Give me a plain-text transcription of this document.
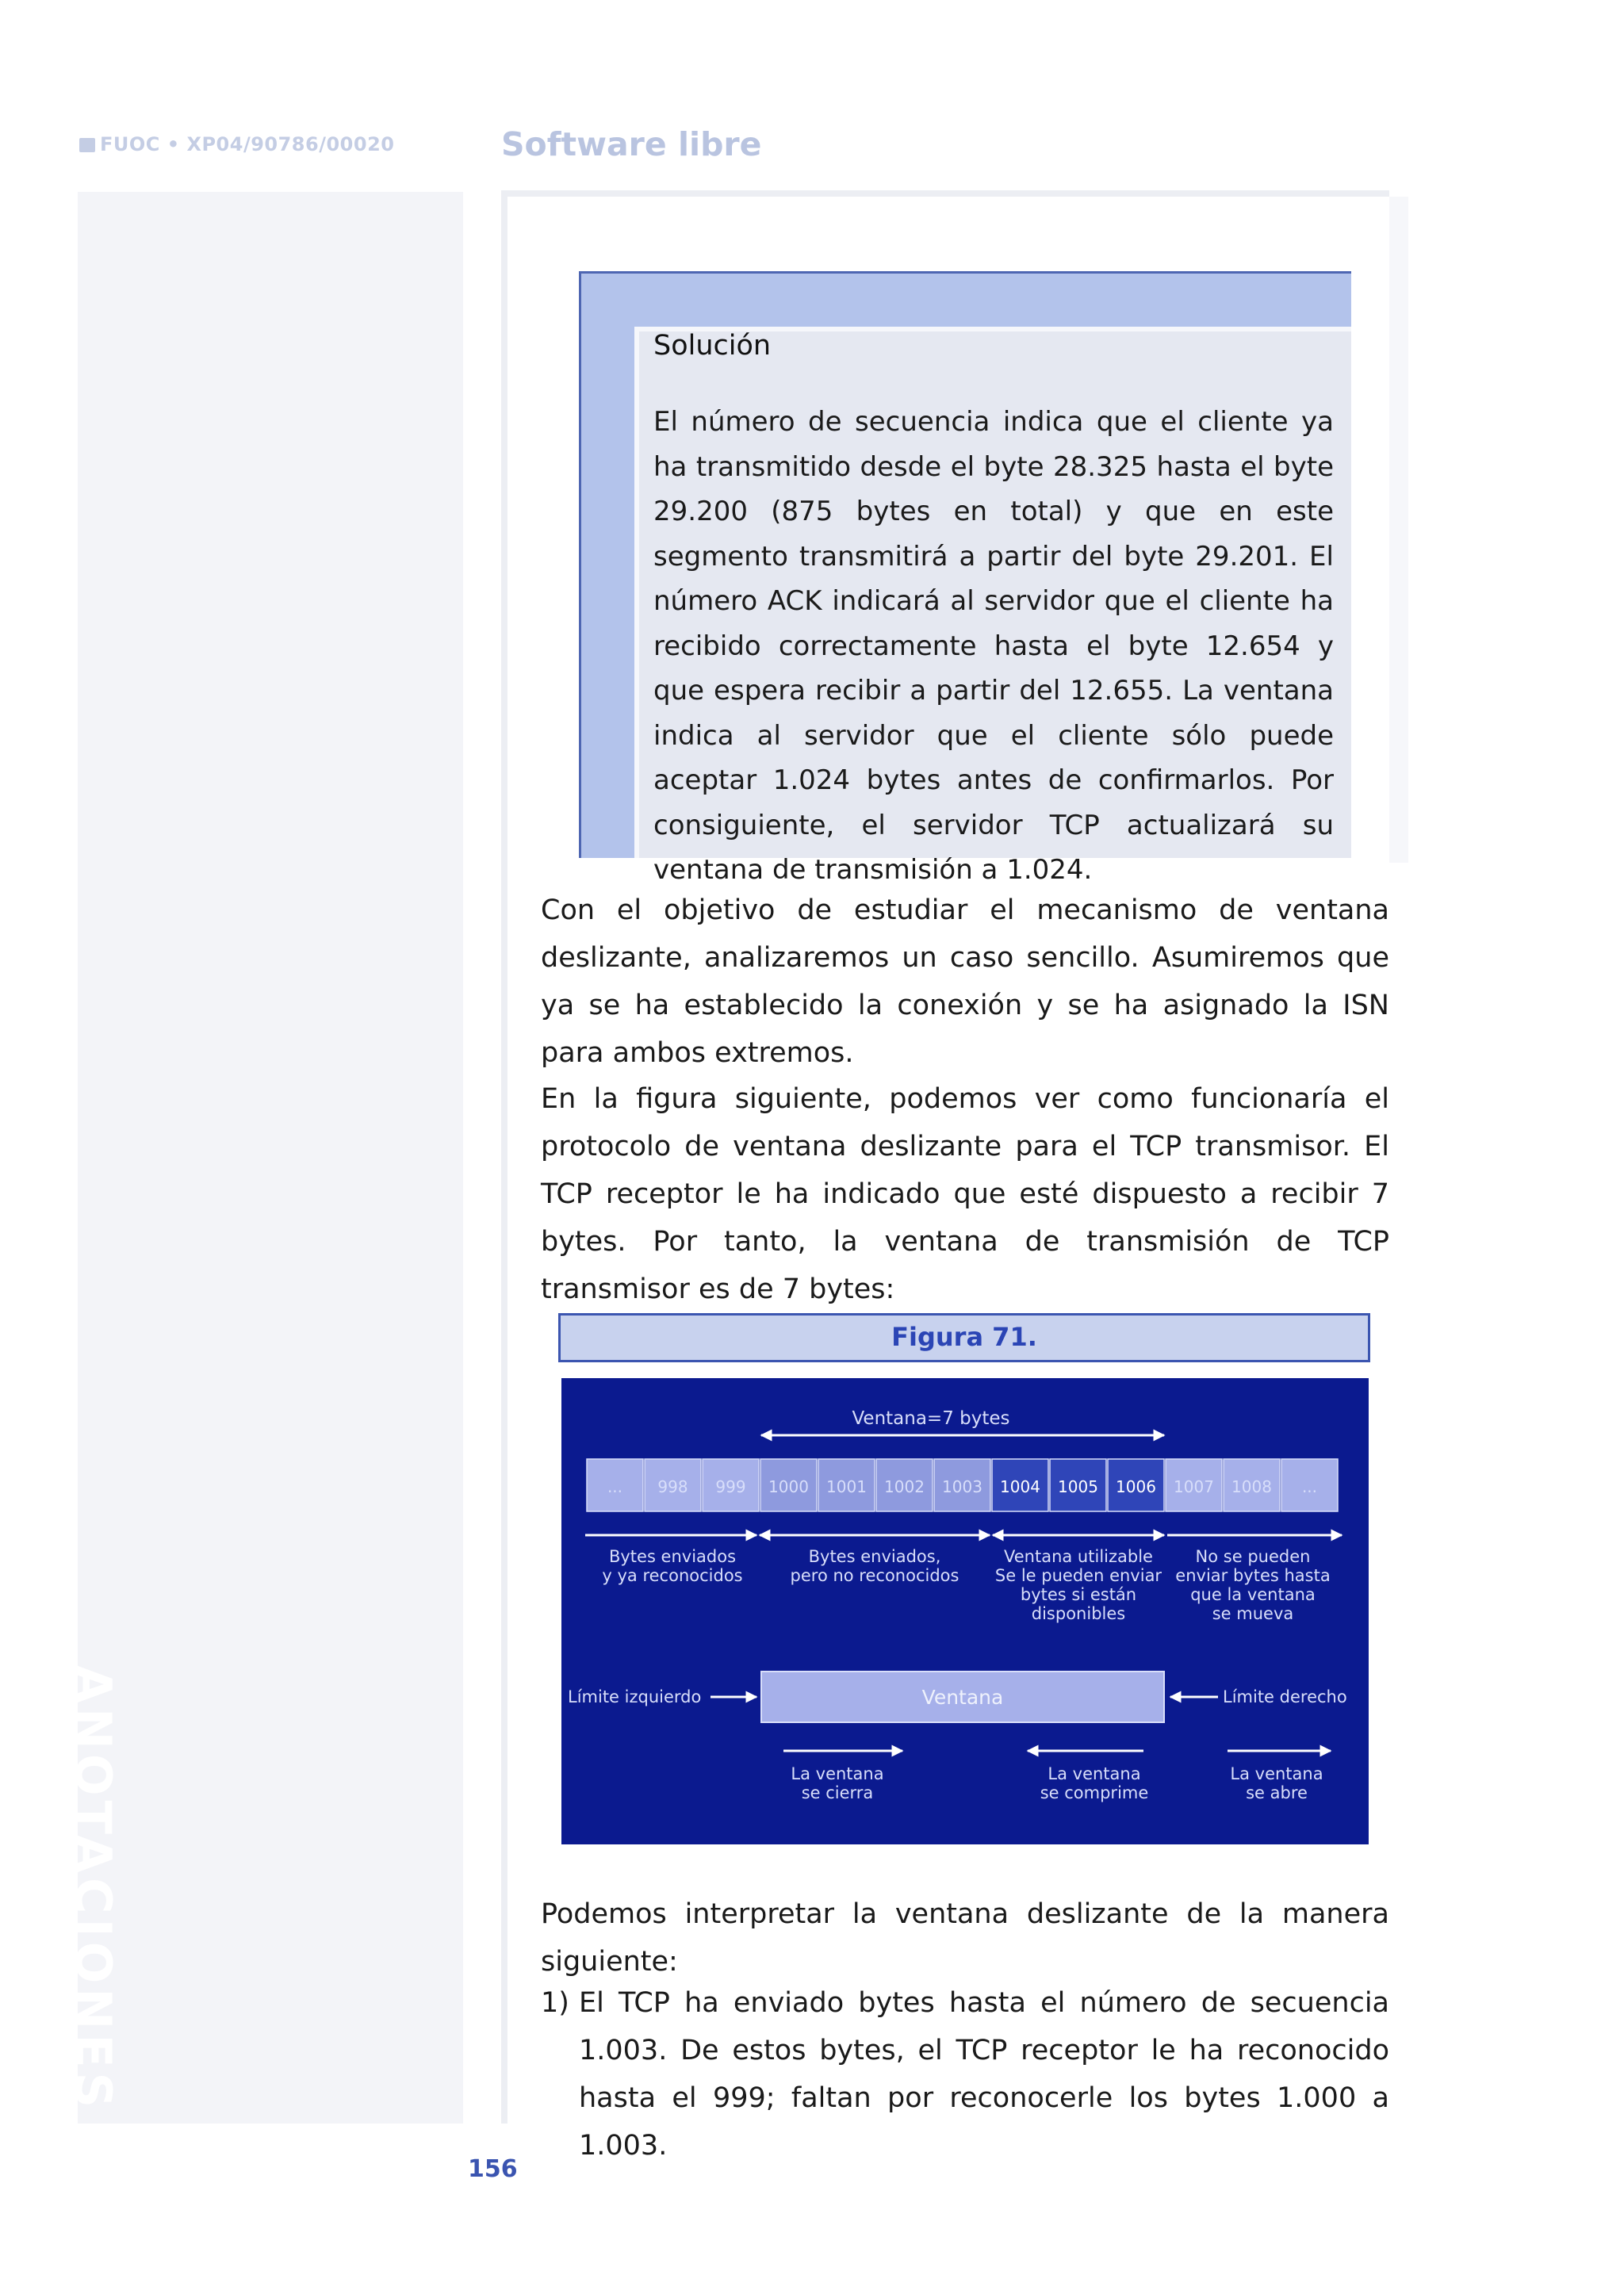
FUOC • XP04/90786/00020	Software libre
ANOTACIONES
Solución
El número de secuencia indica que el cliente ya ha transmitido desde el byte 28.325 hasta el byte 29.200 (875 bytes en total) y que en este segmento transmitirá a partir del byte 29.201. El número ACK indicará al servidor que el cliente ha recibido correctamente hasta el byte 12.654 y que espera recibir a partir del 12.655. La ventana indica al servidor que el cliente sólo puede aceptar 1.024 bytes antes de confirmarlos. Por consiguiente, el servidor TCP actualizará su ventana de transmisión a 1.024.
Con el objetivo de estudiar el mecanismo de ventana deslizante, analizaremos un caso sencillo. Asumiremos que ya se ha establecido la conexión y se ha asignado la ISN para ambos extremos.
En la figura siguiente, podemos ver como funcionaría el protocolo de ventana deslizante para el TCP transmisor. El TCP receptor le ha indicado que esté dispuesto a recibir 7 bytes. Por tanto, la ventana de transmisión de TCP transmisor es de 7 bytes:
Figura 71.
Ventana=7 bytes
... 998 999 1000 1001 1002 1003 1004 1005 1006 1007 1008 ...
Bytes enviados
y ya reconocidos
Bytes enviados,
pero no reconocidos
Ventana utilizable
Se le pueden enviar
bytes si están
disponibles
No se pueden
enviar bytes hasta
que la ventana
se mueva
Límite izquierdo	Ventana	Límite derecho
La ventana
se cierra
La ventana
se comprime
La ventana
se abre
Podemos interpretar la ventana deslizante de la manera siguiente:
1) El TCP ha enviado bytes hasta el número de secuencia 1.003. De estos bytes, el TCP receptor le ha reconocido hasta el 999; faltan por reconocerle los bytes 1.000 a 1.003.
156
